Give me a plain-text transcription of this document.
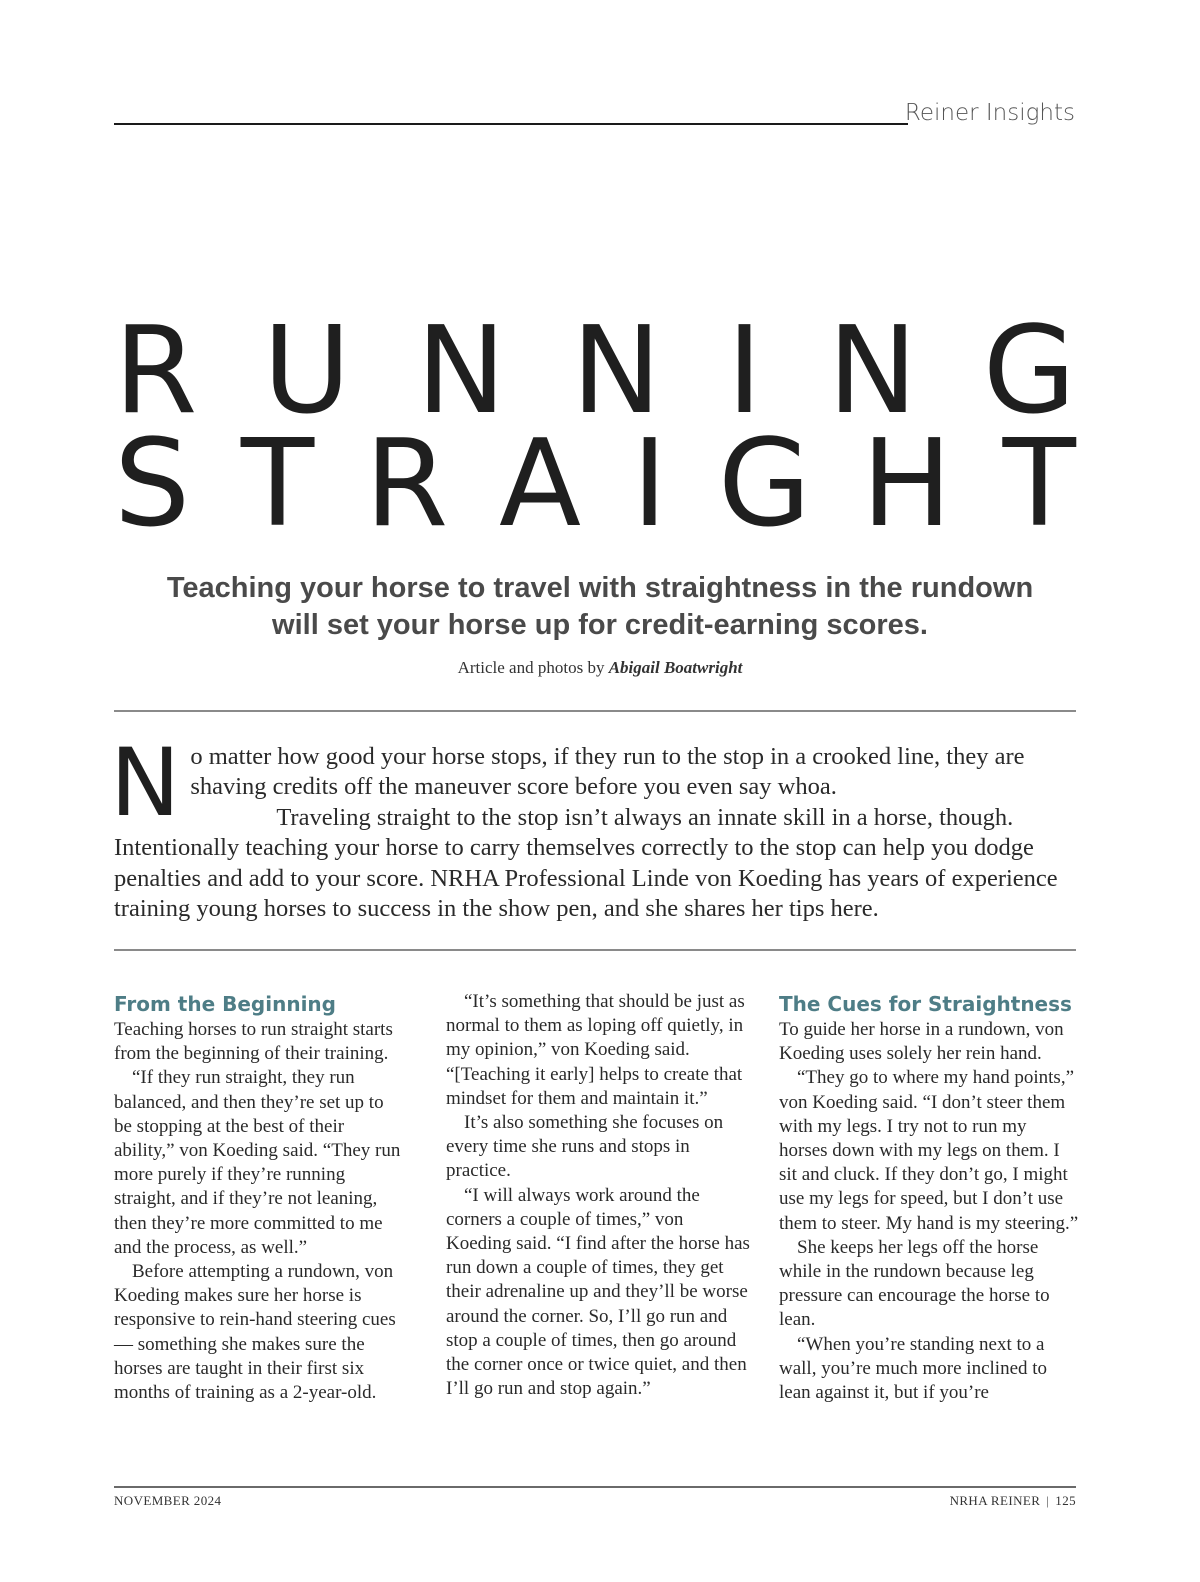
Reiner Insights
R U N N I N G
S T R A I G H T
Teaching your horse to travel with straightness in the rundown
will set your horse up for credit-earning scores.
Article and photos by Abigail Boatwright
N o matter how good your horse stops, if they run to the stop in a crooked line, they are shaving credits off the maneuver score before you even say whoa.

Traveling straight to the stop isn’t always an innate skill in a horse, though. Intentionally teaching your horse to carry themselves correctly to the stop can help you dodge penalties and add to your score. NRHA Professional Linde von Koeding has years of experience training young horses to success in the show pen, and she shares her tips here.

From the Beginning

Teaching horses to run straight starts from the beginning of their training.

“If they run straight, they run balanced, and then they’re set up to be stopping at the best of their ability,” von Koeding said. “They run more purely if they’re running straight, and if they’re not leaning, then they’re more committed to me and the process, as well.”

Before attempting a rundown, von Koeding makes sure her horse is responsive to rein-hand steering cues — something she makes sure the horses are taught in their first six months of training as a 2-year-old.

“It’s something that should be just as normal to them as loping off quietly, in my opinion,” von Koeding said. “[Teaching it early] helps to create that mindset for them and maintain it.”

It’s also something she focuses on every time she runs and stops in practice.

“I will always work around the corners a couple of times,” von Koeding said. “I find after the horse has run down a couple of times, they get their adrenaline up and they’ll be worse around the corner. So, I’ll go run and stop a couple of times, then go around the corner once or twice quiet, and then I’ll go run and stop again.”

The Cues for Straightness

To guide her horse in a rundown, von Koeding uses solely her rein hand.

“They go to where my hand points,” von Koeding said. “I don’t steer them with my legs. I try not to run my horses down with my legs on them. I sit and cluck. If they don’t go, I might use my legs for speed, but I don’t use them to steer. My hand is my steering.”

She keeps her legs off the horse while in the rundown because leg pressure can encourage the horse to lean.

“When you’re standing next to a wall, you’re much more inclined to lean against it, but if you’re

NOVEMBER 2024	NRHA REINER | 125
